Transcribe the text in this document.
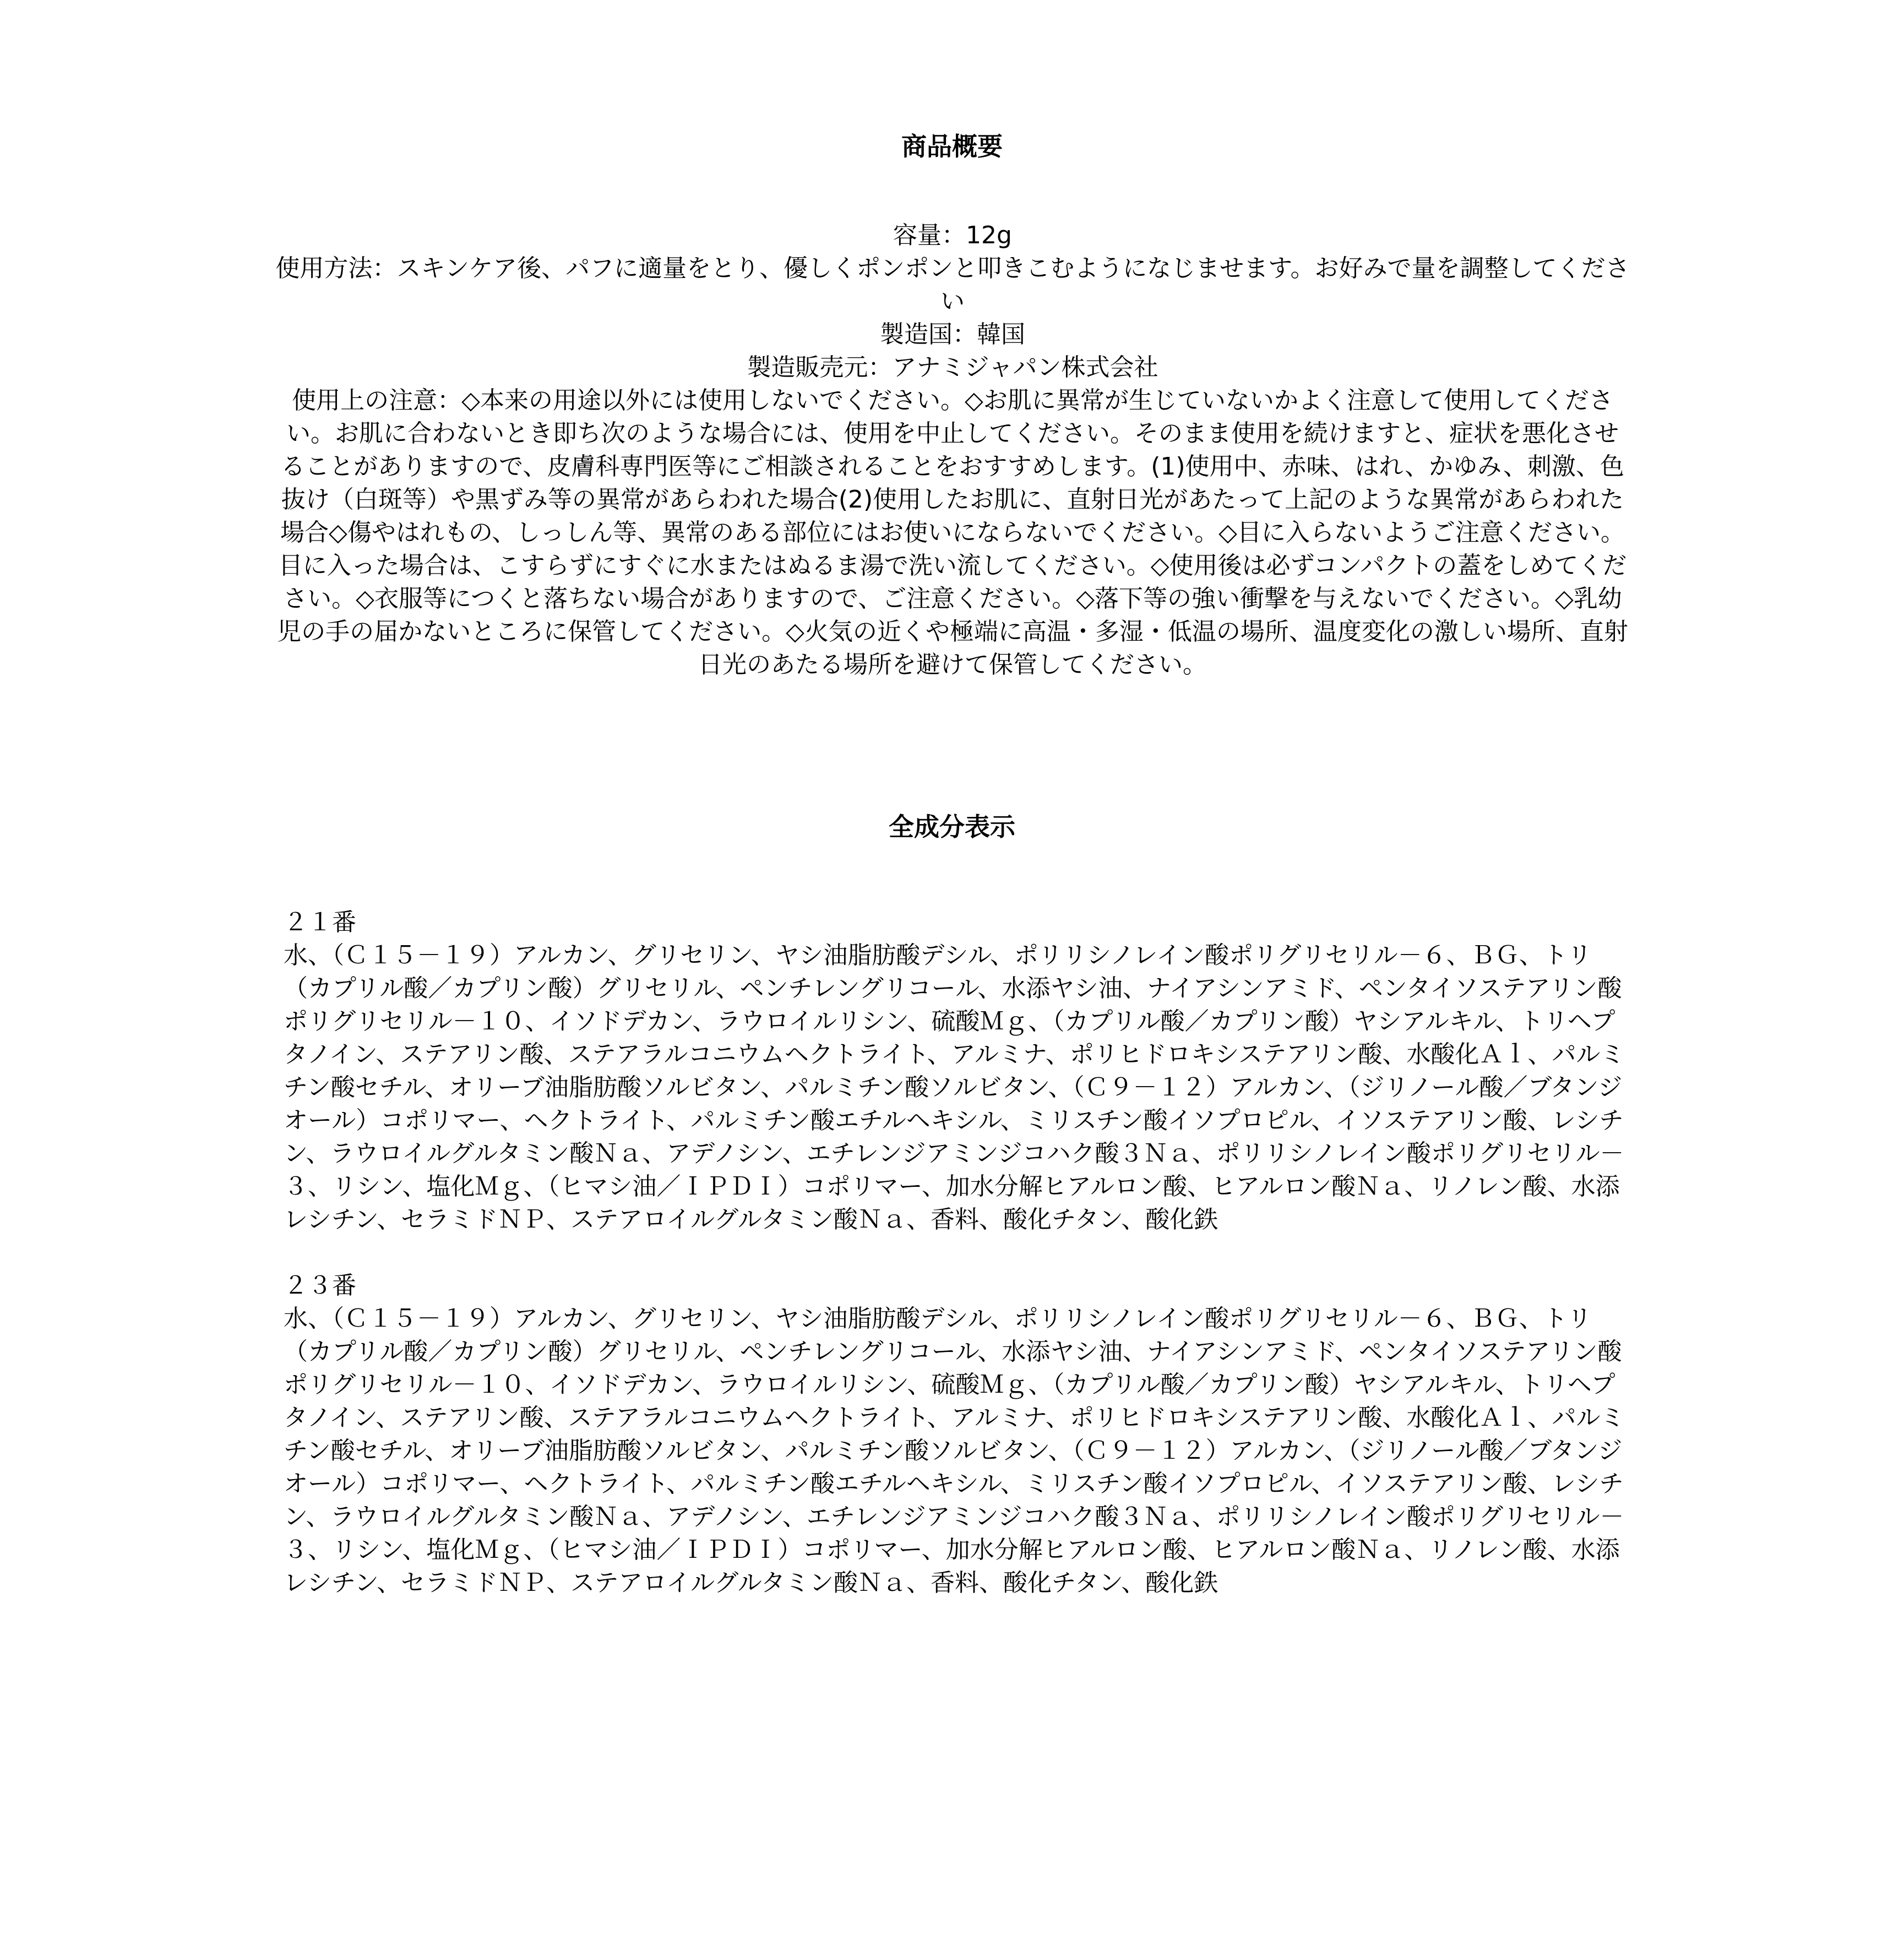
商品概要

容量：12g

使用方法：スキンケア後、パフに適量をとり、優しくポンポンと叩きこむようになじませます。お好みで量を調整してください

製造国：韓国

製造販売元：アナミジャパン株式会社

使用上の注意：◇本来の用途以外には使用しないでください。◇お肌に異常が生じていないかよく注意して使用してください。お肌に合わないとき即ち次のような場合には、使用を中止してください。そのまま使用を続けますと、症状を悪化させることがありますので、皮膚科専門医等にご相談されることをおすすめします。(1)使用中、赤味、はれ、かゆみ、刺激、色抜け（白斑等）や黒ずみ等の異常があらわれた場合(2)使用したお肌に、直射日光があたって上記のような異常があらわれた場合◇傷やはれもの、しっしん等、異常のある部位にはお使いにならないでください。◇目に入らないようご注意ください。目に入った場合は、こすらずにすぐに水またはぬるま湯で洗い流してください。◇使用後は必ずコンパクトの蓋をしめてください。◇衣服等につくと落ちない場合がありますので、ご注意ください。◇落下等の強い衝撃を与えないでください。◇乳幼児の手の届かないところに保管してください。◇火気の近くや極端に高温・多湿・低温の場所、温度変化の激しい場所、直射日光のあたる場所を避けて保管してください。

全成分表示

２１番

水、（Ｃ１５－１９）アルカン、グリセリン、ヤシ油脂肪酸デシル、ポリリシノレイン酸ポリグリセリル－６、ＢＧ、トリ（カプリル酸／カプリン酸）グリセリル、ペンチレングリコール、水添ヤシ油、ナイアシンアミド、ペンタイソステアリン酸ポリグリセリル－１０、イソドデカン、ラウロイルリシン、硫酸Ｍｇ、（カプリル酸／カプリン酸）ヤシアルキル、トリヘプタノイン、ステアリン酸、ステアラルコニウムヘクトライト、アルミナ、ポリヒドロキシステアリン酸、水酸化Ａｌ、パルミチン酸セチル、オリーブ油脂肪酸ソルビタン、パルミチン酸ソルビタン、（Ｃ９－１２）アルカン、（ジリノール酸／ブタンジオール）コポリマー、ヘクトライト、パルミチン酸エチルヘキシル、ミリスチン酸イソプロピル、イソステアリン酸、レシチン、ラウロイルグルタミン酸Ｎａ、アデノシン、エチレンジアミンジコハク酸３Ｎａ、ポリリシノレイン酸ポリグリセリル－３、リシン、塩化Ｍｇ、（ヒマシ油／ＩＰＤＩ）コポリマー、加水分解ヒアルロン酸、ヒアルロン酸Ｎａ、リノレン酸、水添レシチン、セラミドＮＰ、ステアロイルグルタミン酸Ｎａ、香料、酸化チタン、酸化鉄

２３番

水、（Ｃ１５－１９）アルカン、グリセリン、ヤシ油脂肪酸デシル、ポリリシノレイン酸ポリグリセリル－６、ＢＧ、トリ（カプリル酸／カプリン酸）グリセリル、ペンチレングリコール、水添ヤシ油、ナイアシンアミド、ペンタイソステアリン酸ポリグリセリル－１０、イソドデカン、ラウロイルリシン、硫酸Ｍｇ、（カプリル酸／カプリン酸）ヤシアルキル、トリヘプタノイン、ステアリン酸、ステアラルコニウムヘクトライト、アルミナ、ポリヒドロキシステアリン酸、水酸化Ａｌ、パルミチン酸セチル、オリーブ油脂肪酸ソルビタン、パルミチン酸ソルビタン、（Ｃ９－１２）アルカン、（ジリノール酸／ブタンジオール）コポリマー、ヘクトライト、パルミチン酸エチルヘキシル、ミリスチン酸イソプロピル、イソステアリン酸、レシチン、ラウロイルグルタミン酸Ｎａ、アデノシン、エチレンジアミンジコハク酸３Ｎａ、ポリリシノレイン酸ポリグリセリル－３、リシン、塩化Ｍｇ、（ヒマシ油／ＩＰＤＩ）コポリマー、加水分解ヒアルロン酸、ヒアルロン酸Ｎａ、リノレン酸、水添レシチン、セラミドＮＰ、ステアロイルグルタミン酸Ｎａ、香料、酸化チタン、酸化鉄
